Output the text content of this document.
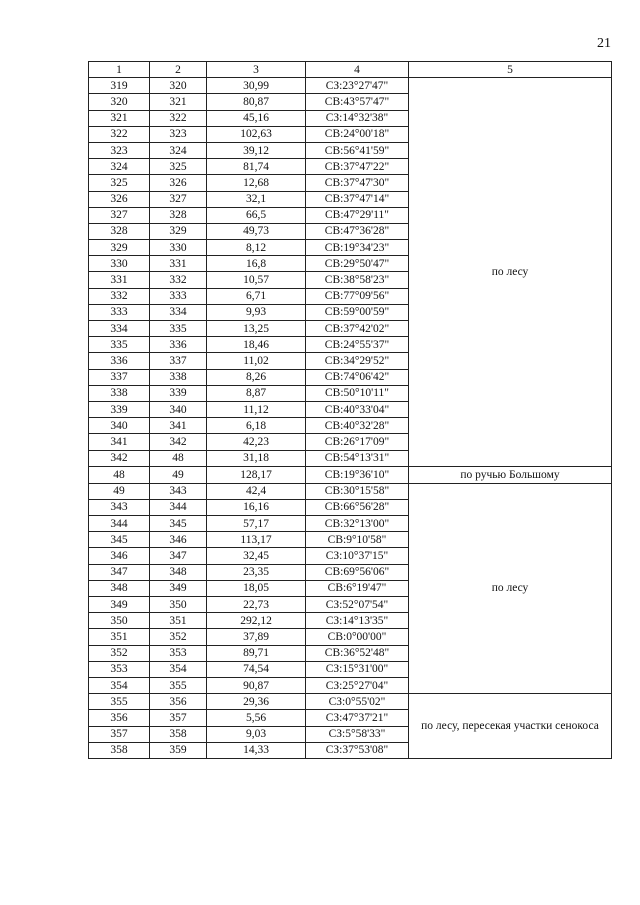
21
1	2	3	4	5
319	320	30,99	СЗ:23°27'47"	по лесу
320	321	80,87	СВ:43°57'47"	
321	322	45,16	СЗ:14°32'38"	
322	323	102,63	СВ:24°00'18"	
323	324	39,12	СВ:56°41'59"	
324	325	81,74	СВ:37°47'22"	
325	326	12,68	СВ:37°47'30"	
326	327	32,1	СВ:37°47'14"	
327	328	66,5	СВ:47°29'11"	
328	329	49,73	СВ:47°36'28"	
329	330	8,12	СВ:19°34'23"	
330	331	16,8	СВ:29°50'47"	
331	332	10,57	СВ:38°58'23"	
332	333	6,71	СВ:77°09'56"	
333	334	9,93	СВ:59°00'59"	
334	335	13,25	СВ:37°42'02"	
335	336	18,46	СВ:24°55'37"	
336	337	11,02	СВ:34°29'52"	
337	338	8,26	СВ:74°06'42"	
338	339	8,87	СВ:50°10'11"	
339	340	11,12	СВ:40°33'04"	
340	341	6,18	СВ:40°32'28"	
341	342	42,23	СВ:26°17'09"	
342	48	31,18	СВ:54°13'31"	
48	49	128,17	СВ:19°36'10"	по ручью Большому
49	343	42,4	СВ:30°15'58"	по лесу
343	344	16,16	СВ:66°56'28"	
344	345	57,17	СВ:32°13'00"	
345	346	113,17	СВ:9°10'58"	
346	347	32,45	СЗ:10°37'15"	
347	348	23,35	СВ:69°56'06"	
348	349	18,05	СВ:6°19'47"	
349	350	22,73	СЗ:52°07'54"	
350	351	292,12	СЗ:14°13'35"	
351	352	37,89	СВ:0°00'00"	
352	353	89,71	СВ:36°52'48"	
353	354	74,54	СЗ:15°31'00"	
354	355	90,87	СЗ:25°27'04"	
355	356	29,36	СЗ:0°55'02"	по лесу, пересекая участки сенокоса
356	357	5,56	СЗ:47°37'21"	
357	358	9,03	СЗ:5°58'33"	
358	359	14,33	СЗ:37°53'08"	
